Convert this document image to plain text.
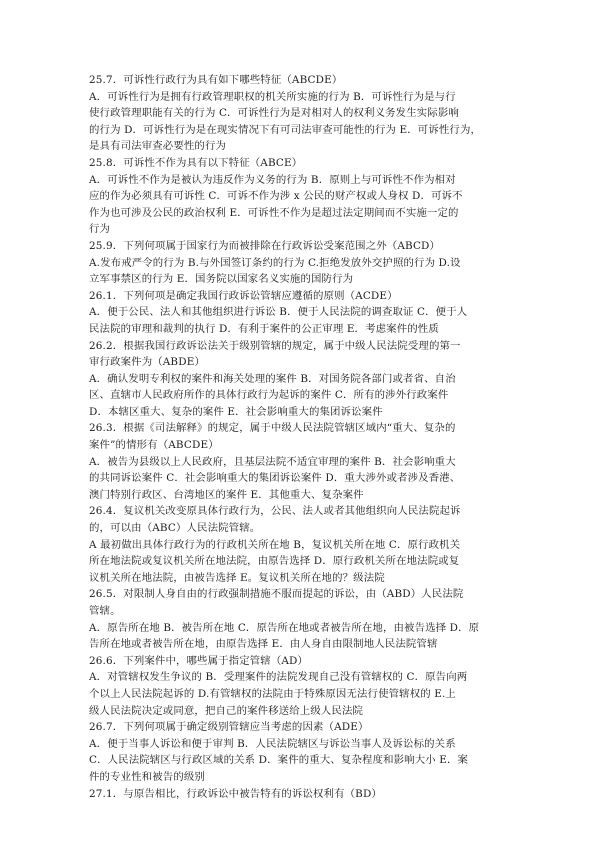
25.7．可诉性行政行为具有如下哪些特征（ABCDE）
A．可诉性行为是拥有行政管理职权的机关所实施的行为 B．可诉性行为是与行
使行政管理职能有关的行为 C．可诉性行为是对相对人的权利义务发生实际影响
的行为 D．可诉性行为是在现实情况下有可司法审查可能性的行为 E．可诉性行为，
是具有司法审查必要性的行为
25.8．可诉性不作为具有以下特征（ABCE）
A．可诉性不作为是被认为违反作为义务的行为 B．原则上与可诉性不作为相对
应的作为必须具有可诉性 C．可诉不作为涉 x 公民的财产权或人身权 D．可诉不
作为也可涉及公民的政治权利 E．可诉性不作为是超过法定期间而不实施一定的
行为
25.9．下列何项属于国家行为而被排除在行政诉讼受案范围之外（ABCD）
A.发布戒严令的行为 B.与外国签订条约的行为 C.拒绝发放外交护照的行为 D.设
立军事禁区的行为 E．国务院以国家名义实施的国防行为
26.1．下列何项是确定我国行政诉讼管辖应遵循的原则（ACDE）
A．便于公民、法人和其他组织进行诉讼 B．便于人民法院的调查取证 C．便于人
民法院的审理和裁判的执行 D．有利于案件的公正审理 E．考虑案件的性质
26.2．根据我国行政诉讼法关于级别管辖的规定，属于中级人民法院受理的第一
审行政案件为（ABDE）
A．确认发明专利权的案件和海关处理的案件 B．对国务院各部门或者省、自治
区、直辖市人民政府所作的具体行政行为起诉的案件 C．所有的涉外行政案件
D．本辖区重大、复杂的案件 E．社会影响重大的集团诉讼案件
26.3．根据《司法解释》的规定，属于中级人民法院管辖区域内“重大、复杂的
案件”的情形有（ABCDE）
A．被告为县级以上人民政府，且基层法院不适宜审理的案件 B．社会影响重大
的共同诉讼案件 C．社会影响重大的集团诉讼案件 D．重大涉外或者涉及香港、
澳门特别行政区、台湾地区的案件 E．其他重大、复杂案件
26.4．复议机关改变原具体行政行为，公民、法人或者其他组织向人民法院起诉
的，可以由（ABC）人民法院管辖。
A 最初做出具体行政行为的行政机关所在地 B，复议机关所在地 C．原行政机关
所在地法院或复议机关所在地法院，由原告选择 D．原行政机关所在地法院或复
议机关所在地法院，由被告选择 E。复议机关所在地的？级法院
26.5．对限制人身自由的行政强制措施不服而提起的诉讼，由（ABD）人民法院
管辖。
A．原告所在地 B．被告所在地 C．原告所在地或者被告所在地，由被告选择 D．原
告所在地或者被告所在地，由原告选择 E．由人身自由限制地人民法院管辖
26.6．下列案件中，哪些属于指定管辖（AD）
A．对管辖权发生争议的 B．受理案件的法院发现自己没有管辖权的 C．原告向两
个以上人民法院起诉的 D.有管辖权的法院由于特殊原因无法行使管辖权的 E.上
级人民法院决定或同意，把自己的案件移送给上级人民法院
26.7．下列何项属于确定级别管辖应当考虑的因素（ADE）
A．便于当事人诉讼和便于审判 B．人民法院辖区与诉讼当事人及诉讼标的关系
C．人民法院辖区与行政区域的关系 D．案件的重大、复杂程度和影响大小 E．案
件的专业性和被告的级别
27.1．与原告相比，行政诉讼中被告特有的诉讼权利有（BD）
